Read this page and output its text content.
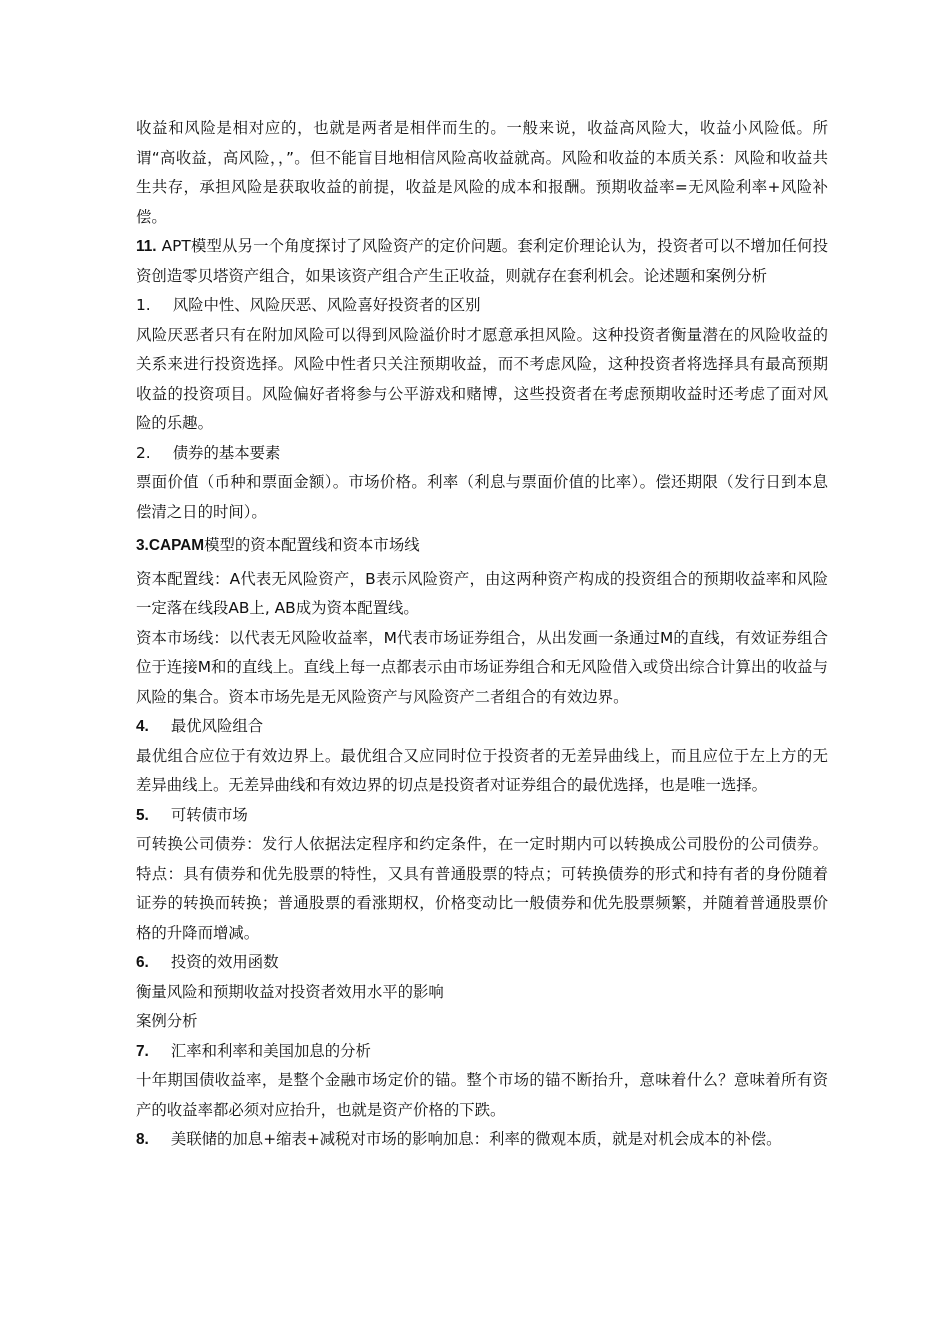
收益和风险是相对应的，也就是两者是相伴而生的。一般来说，收益高风险大，收益小风险低。所谓“高收益，高风险，，”。但不能盲目地相信风险高收益就高。风险和收益的本质关系：风险和收益共生共存，承担风险是获取收益的前提，收益是风险的成本和报酬。预期收益率=无风险利率+风险补偿。

11. APT模型从另一个角度探讨了风险资产的定价问题。套利定价理论认为，投资者可以不增加任何投资创造零贝塔资产组合，如果该资产组合产生正收益，则就存在套利机会。论述题和案例分析

1. 风险中性、风险厌恶、风险喜好投资者的区别

风险厌恶者只有在附加风险可以得到风险溢价时才愿意承担风险。这种投资者衡量潜在的风险收益的关系来进行投资选择。风险中性者只关注预期收益，而不考虑风险，这种投资者将选择具有最高预期收益的投资项目。风险偏好者将参与公平游戏和赌博，这些投资者在考虑预期收益时还考虑了面对风险的乐趣。

2. 债券的基本要素

票面价值（币种和票面金额）。市场价格。利率（利息与票面价值的比率）。偿还期限（发行日到本息偿清之日的时间）。

3.CAPAM模型的资本配置线和资本市场线

资本配置线：A代表无风险资产，B表示风险资产，由这两种资产构成的投资组合的预期收益率和风险一定落在线段AB上, AB成为资本配置线。

资本市场线：以代表无风险收益率，M代表市场证券组合，从出发画一条通过M的直线，有效证券组合位于连接M和的直线上。直线上每一点都表示由市场证券组合和无风险借入或贷出综合计算出的收益与风险的集合。资本市场先是无风险资产与风险资产二者组合的有效边界。

4. 最优风险组合

最优组合应位于有效边界上。最优组合又应同时位于投资者的无差异曲线上，而且应位于左上方的无差异曲线上。无差异曲线和有效边界的切点是投资者对证券组合的最优选择，也是唯一选择。

5. 可转债市场

可转换公司债券：发行人依据法定程序和约定条件，在一定时期内可以转换成公司股份的公司债券。特点：具有债券和优先股票的特性，又具有普通股票的特点；可转换债券的形式和持有者的身份随着证券的转换而转换；普通股票的看涨期权，价格变动比一般债券和优先股票频繁，并随着普通股票价格的升降而增减。

6. 投资的效用函数

衡量风险和预期收益对投资者效用水平的影响

案例分析

7. 汇率和利率和美国加息的分析

十年期国债收益率，是整个金融市场定价的锚。整个市场的锚不断抬升，意味着什么？意味着所有资产的收益率都必须对应抬升，也就是资产价格的下跌。

8. 美联储的加息+缩表+减税对市场的影响加息：利率的微观本质，就是对机会成本的补偿。
